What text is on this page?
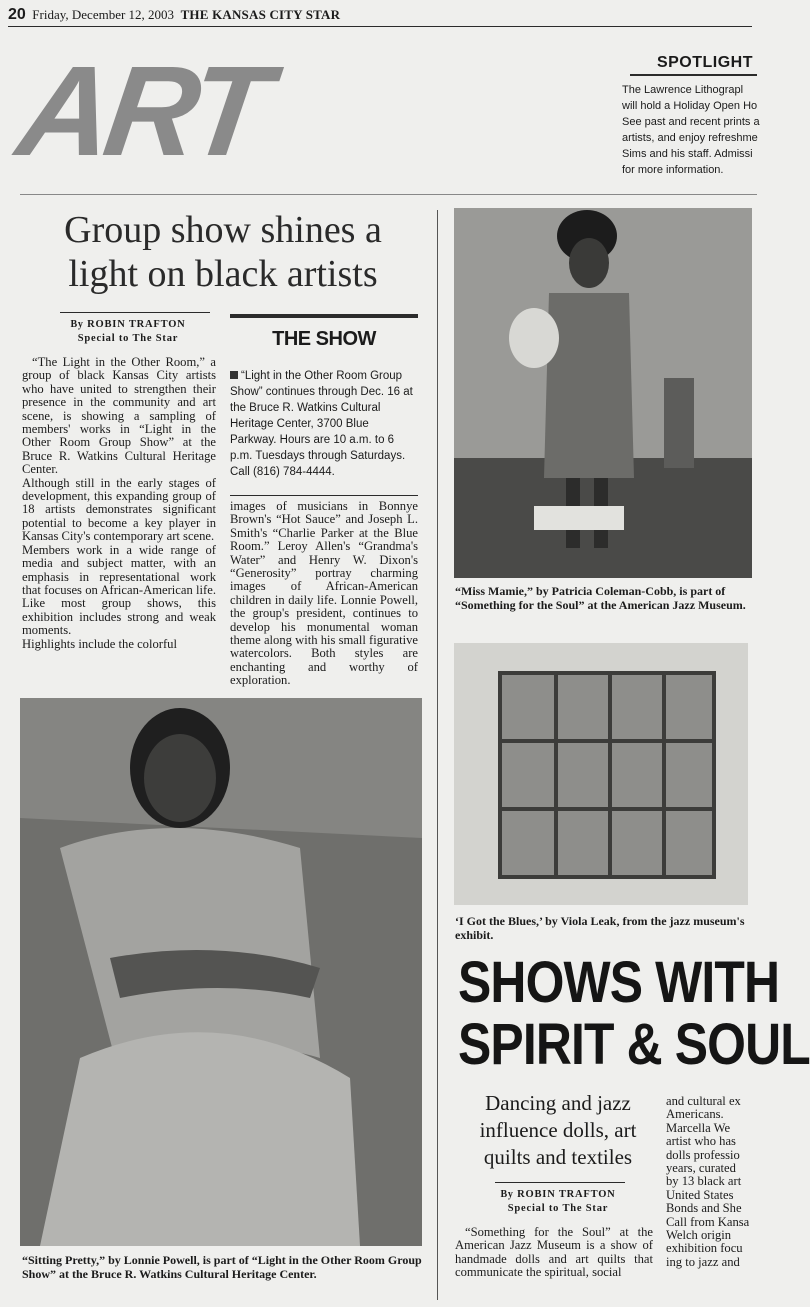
20 Friday, December 12, 2003 THE KANSAS CITY STAR
ART	SPOTLIGHT
The Lawrence Lithograpl
will hold a Holiday Open Ho
See past and recent prints a
artists, and enjoy refreshme
Sims and his staff. Admissi
for more information.
Group show shines a light on black artists
By ROBIN TRAFTON
Special to The Star	THE SHOW
“Light in the Other Room Group Show” continues through Dec. 16 at the Bruce R. Watkins Cultural Heritage Center, 3700 Blue Parkway. Hours are 10 a.m. to 6 p.m. Tuesdays through Saturdays. Call (816) 784-4444.
“The Light in the Other Room,” a group of black Kansas City artists who have united to strengthen their presence in the community and art scene, is showing a sampling of members' works in “Light in the Other Room Group Show” at the Bruce R. Watkins Cultural Heritage Center.
Although still in the early stages of development, this expanding group of 18 artists demonstrates significant potential to become a key player in Kansas City's contemporary art scene.
Members work in a wide range of media and subject matter, with an emphasis in representational work that focuses on African-American life. Like most group shows, this exhibition includes strong and weak moments.
Highlights include the colorful
images of musicians in Bonnye Brown's “Hot Sauce” and Joseph L. Smith's “Charlie Parker at the Blue Room.” Leroy Allen's “Grandma's Water” and Henry W. Dixon's “Generosity” portray charming images of African-American children in daily life. Lonnie Powell, the group's president, continues to develop his monumental woman theme along with his small figurative watercolors. Both styles are enchanting and worthy of exploration.
“Sitting Pretty,” by Lonnie Powell, is part of “Light in the Other Room Group Show” at the Bruce R. Watkins Cultural Heritage Center.
“Miss Mamie,” by Patricia Coleman-Cobb, is part of “Something for the Soul” at the American Jazz Museum.
‘I Got the Blues,’ by Viola Leak, from the jazz museum's exhibit.
SHOWS WITH
SPIRIT & SOUL
Dancing and jazz influence dolls, art quilts and textiles
By ROBIN TRAFTON
Special to The Star
“Something for the Soul” at the American Jazz Museum is a show of handmade dolls and art quilts that communicate the spiritual, social
and cultural ex
Americans.
Marcella We
artist who has
dolls professio
years, curated
by 13 black art
United States
Bonds and She
Call from Kansa
Welch origin
exhibition focu
ing to jazz and
